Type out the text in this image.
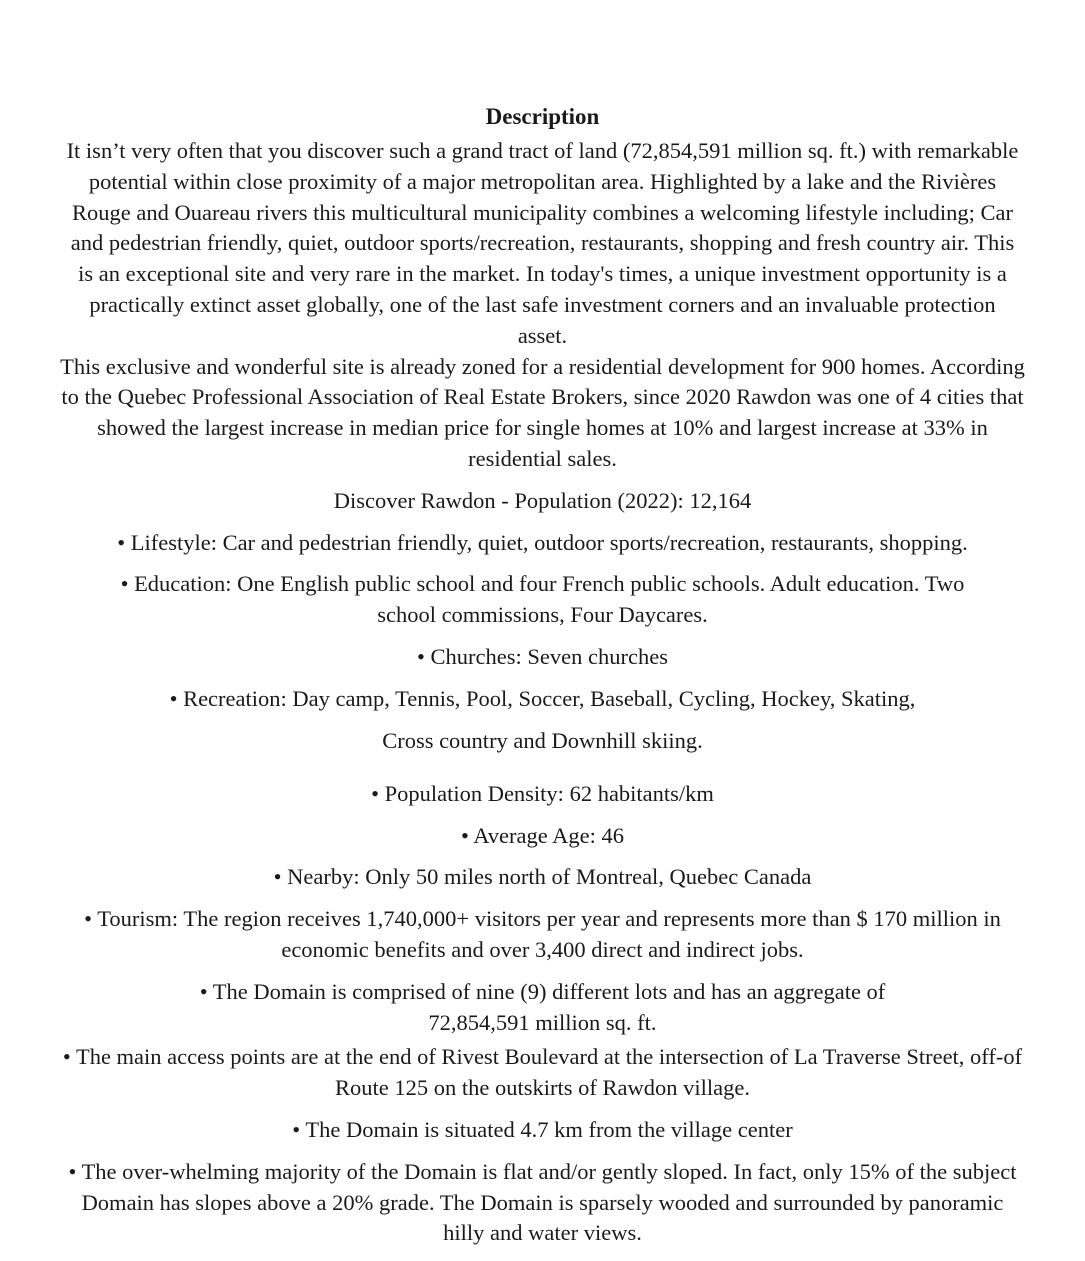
Description

It isn’t very often that you discover such a grand tract of land (72,854,591 million sq. ft.) with remarkable potential within close proximity of a major metropolitan area. Highlighted by a lake and the Rivières Rouge and Ouareau rivers this multicultural municipality combines a welcoming lifestyle including; Car and pedestrian friendly, quiet, outdoor sports/recreation, restaurants, shopping and fresh country air. This is an exceptional site and very rare in the market. In today's times, a unique investment opportunity is a practically extinct asset globally, one of the last safe investment corners and an invaluable protection asset.

This exclusive and wonderful site is already zoned for a residential development for 900 homes. According to the Quebec Professional Association of Real Estate Brokers, since 2020 Rawdon was one of 4 cities that showed the largest increase in median price for single homes at 10% and largest increase at 33% in residential sales.

Discover Rawdon - Population (2022): 12,164

• Lifestyle: Car and pedestrian friendly, quiet, outdoor sports/recreation, restaurants, shopping.

• Education: One English public school and four French public schools. Adult education. Two school commissions, Four Daycares.

• Churches: Seven churches

• Recreation: Day camp, Tennis, Pool, Soccer, Baseball, Cycling, Hockey, Skating,

Cross country and Downhill skiing.

• Population Density: 62 habitants/km

• Average Age: 46

• Nearby: Only 50 miles north of Montreal, Quebec Canada

• Tourism: The region receives 1,740,000+ visitors per year and represents more than $ 170 million in economic benefits and over 3,400 direct and indirect jobs.

• The Domain is comprised of nine (9) different lots and has an aggregate of 72,854,591 million sq. ft.

• The main access points are at the end of Rivest Boulevard at the intersection of La Traverse Street, off-of Route 125 on the outskirts of Rawdon village.

• The Domain is situated 4.7 km from the village center

• The over-whelming majority of the Domain is flat and/or gently sloped. In fact, only 15% of the subject Domain has slopes above a 20% grade. The Domain is sparsely wooded and surrounded by panoramic hilly and water views.
